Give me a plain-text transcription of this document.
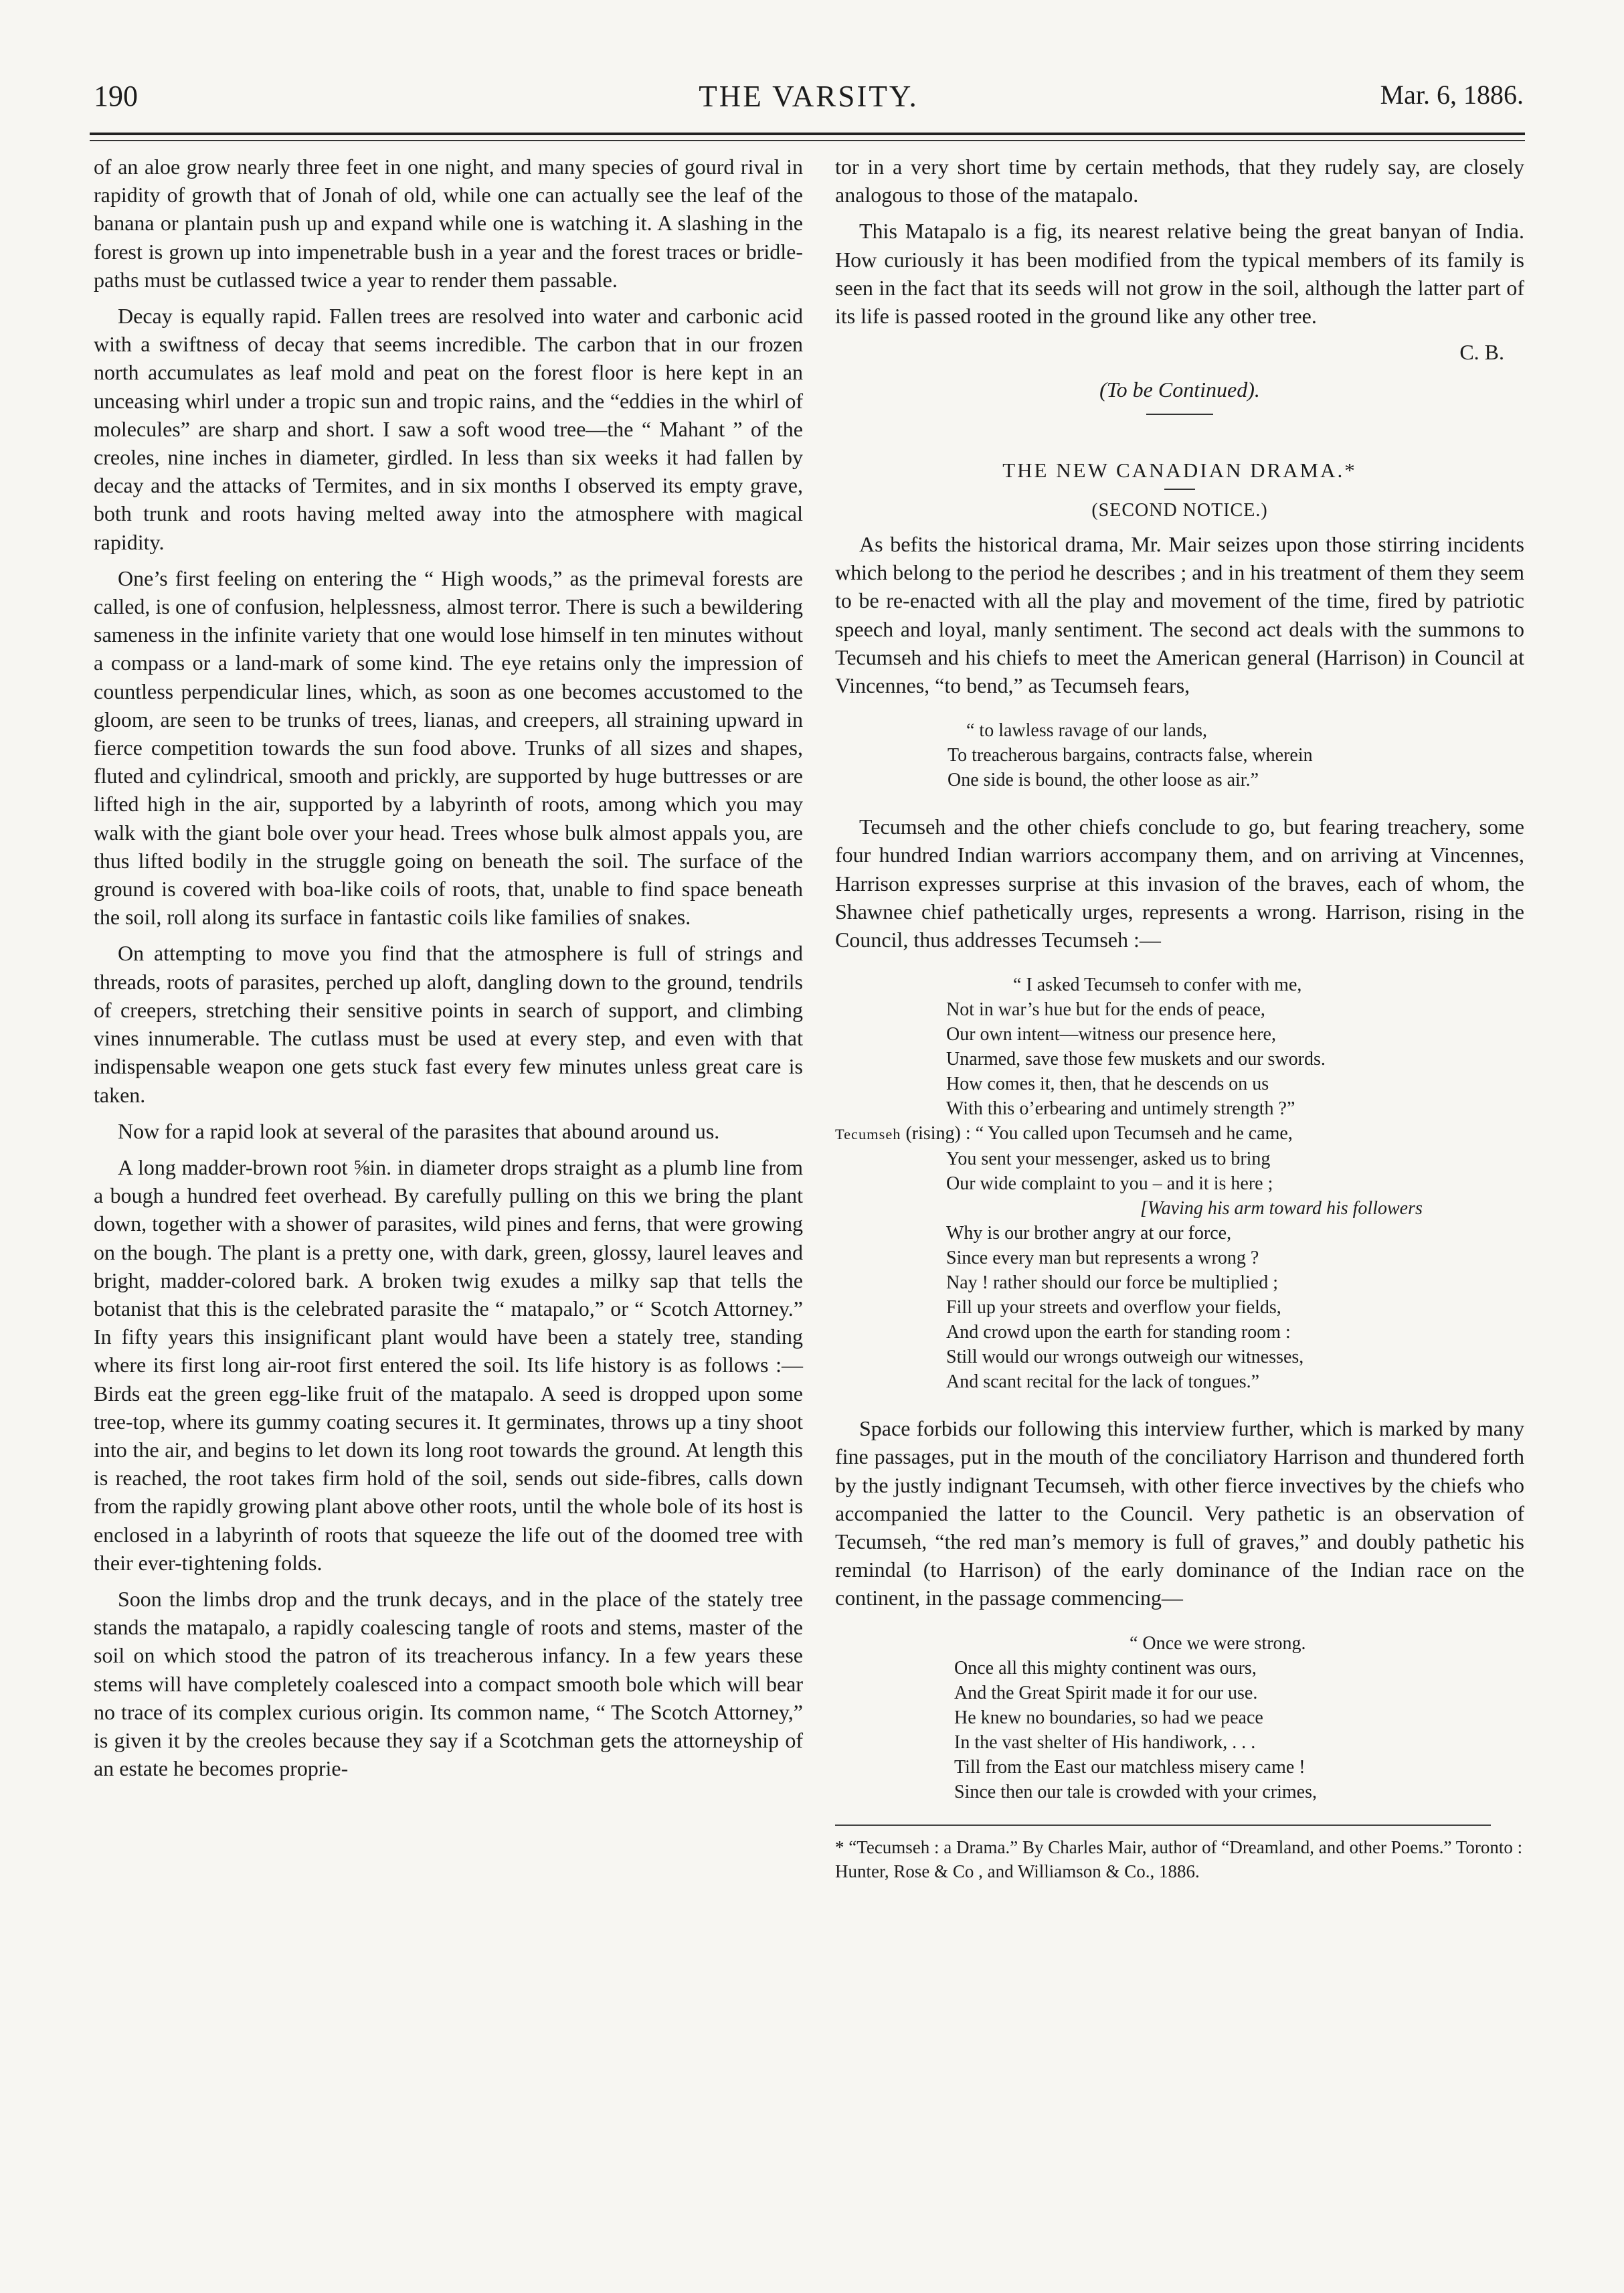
190	THE VARSITY.	Mar. 6, 1886.

of an aloe grow nearly three feet in one night, and many species of gourd rival in rapidity of growth that of Jonah of old, while one can actually see the leaf of the banana or plantain push up and expand while one is watching it. A slashing in the forest is grown up into impenetrable bush in a year and the forest traces or bridle-paths must be cutlassed twice a year to render them passable.

Decay is equally rapid. Fallen trees are resolved into water and carbonic acid with a swiftness of decay that seems incredible. The carbon that in our frozen north accumulates as leaf mold and peat on the forest floor is here kept in an unceasing whirl under a tropic sun and tropic rains, and the “eddies in the whirl of molecules” are sharp and short. I saw a soft wood tree—the “ Mahant ” of the creoles, nine inches in diameter, girdled. In less than six weeks it had fallen by decay and the attacks of Termites, and in six months I observed its empty grave, both trunk and roots having melted away into the atmosphere with magical rapidity.

One’s first feeling on entering the “ High woods,” as the primeval forests are called, is one of confusion, helplessness, almost terror. There is such a bewildering sameness in the infinite variety that one would lose himself in ten minutes without a compass or a land-mark of some kind. The eye retains only the impression of countless perpendicular lines, which, as soon as one becomes accustomed to the gloom, are seen to be trunks of trees, lianas, and creepers, all straining upward in fierce competition towards the sun food above. Trunks of all sizes and shapes, fluted and cylindrical, smooth and prickly, are supported by huge buttresses or are lifted high in the air, supported by a labyrinth of roots, among which you may walk with the giant bole over your head. Trees whose bulk almost appals you, are thus lifted bodily in the struggle going on beneath the soil. The surface of the ground is covered with boa-like coils of roots, that, unable to find space beneath the soil, roll along its surface in fantastic coils like families of snakes.

On attempting to move you find that the atmosphere is full of strings and threads, roots of parasites, perched up aloft, dangling down to the ground, tendrils of creepers, stretching their sensitive points in search of support, and climbing vines innumerable. The cutlass must be used at every step, and even with that indispensable weapon one gets stuck fast every few minutes unless great care is taken.

Now for a rapid look at several of the parasites that abound around us.

A long madder-brown root ⅝in. in diameter drops straight as a plumb line from a bough a hundred feet overhead. By carefully pulling on this we bring the plant down, together with a shower of parasites, wild pines and ferns, that were growing on the bough. The plant is a pretty one, with dark, green, glossy, laurel leaves and bright, madder-colored bark. A broken twig exudes a milky sap that tells the botanist that this is the celebrated parasite the “ matapalo,” or “ Scotch Attorney.” In fifty years this insignificant plant would have been a stately tree, standing where its first long air-root first entered the soil. Its life history is as follows :—Birds eat the green egg-like fruit of the matapalo. A seed is dropped upon some tree-top, where its gummy coating secures it. It germinates, throws up a tiny shoot into the air, and begins to let down its long root towards the ground. At length this is reached, the root takes firm hold of the soil, sends out side-fibres, calls down from the rapidly growing plant above other roots, until the whole bole of its host is enclosed in a labyrinth of roots that squeeze the life out of the doomed tree with their ever-tightening folds.

Soon the limbs drop and the trunk decays, and in the place of the stately tree stands the matapalo, a rapidly coalescing tangle of roots and stems, master of the soil on which stood the patron of its treacherous infancy. In a few years these stems will have completely coalesced into a compact smooth bole which will bear no trace of its complex curious origin. Its common name, “ The Scotch Attorney,” is given it by the creoles because they say if a Scotchman gets the attorneyship of an estate he becomes proprie-

tor in a very short time by certain methods, that they rudely say, are closely analogous to those of the matapalo.

This Matapalo is a fig, its nearest relative being the great banyan of India. How curiously it has been modified from the typical members of its family is seen in the fact that its seeds will not grow in the soil, although the latter part of its life is passed rooted in the ground like any other tree.

C. B.

(To be Continued).

THE NEW CANADIAN DRAMA.*
(SECOND NOTICE.)

As befits the historical drama, Mr. Mair seizes upon those stirring incidents which belong to the period he describes ; and in his treatment of them they seem to be re-enacted with all the play and movement of the time, fired by patriotic speech and loyal, manly sentiment. The second act deals with the summons to Tecumseh and his chiefs to meet the American general (Harrison) in Council at Vincennes, “to bend,” as Tecumseh fears,

“ to lawless ravage of our lands,
To treacherous bargains, contracts false, wherein
One side is bound, the other loose as air.”

Tecumseh and the other chiefs conclude to go, but fearing treachery, some four hundred Indian warriors accompany them, and on arriving at Vincennes, Harrison expresses surprise at this invasion of the braves, each of whom, the Shawnee chief pathetically urges, represents a wrong. Harrison, rising in the Council, thus addresses Tecumseh :—

“ I asked Tecumseh to confer with me,
Not in war’s hue but for the ends of peace,
Our own intent—witness our presence here,
Unarmed, save those few muskets and our swords.
How comes it, then, that he descends on us
With this o’erbearing and untimely strength ?”
Tecumseh (rising) : “ You called upon Tecumseh and he came,
You sent your messenger, asked us to bring
Our wide complaint to you – and it is here ;
[Waving his arm toward his followers
Why is our brother angry at our force,
Since every man but represents a wrong ?
Nay ! rather should our force be multiplied ;
Fill up your streets and overflow your fields,
And crowd upon the earth for standing room :
Still would our wrongs outweigh our witnesses,
And scant recital for the lack of tongues.”

Space forbids our following this interview further, which is marked by many fine passages, put in the mouth of the conciliatory Harrison and thundered forth by the justly indignant Tecumseh, with other fierce invectives by the chiefs who accompanied the latter to the Council. Very pathetic is an observation of Tecumseh, “the red man’s memory is full of graves,” and doubly pathetic his remindal (to Harrison) of the early dominance of the Indian race on the continent, in the passage commencing—

“ Once we were strong.
Once all this mighty continent was ours,
And the Great Spirit made it for our use.
He knew no boundaries, so had we peace
In the vast shelter of His handiwork, . . .
Till from the East our matchless misery came !
Since then our tale is crowded with your crimes,
* “Tecumseh : a Drama.” By Charles Mair, author of “Dreamland, and other Poems.” Toronto : Hunter, Rose & Co , and Williamson & Co., 1886.
